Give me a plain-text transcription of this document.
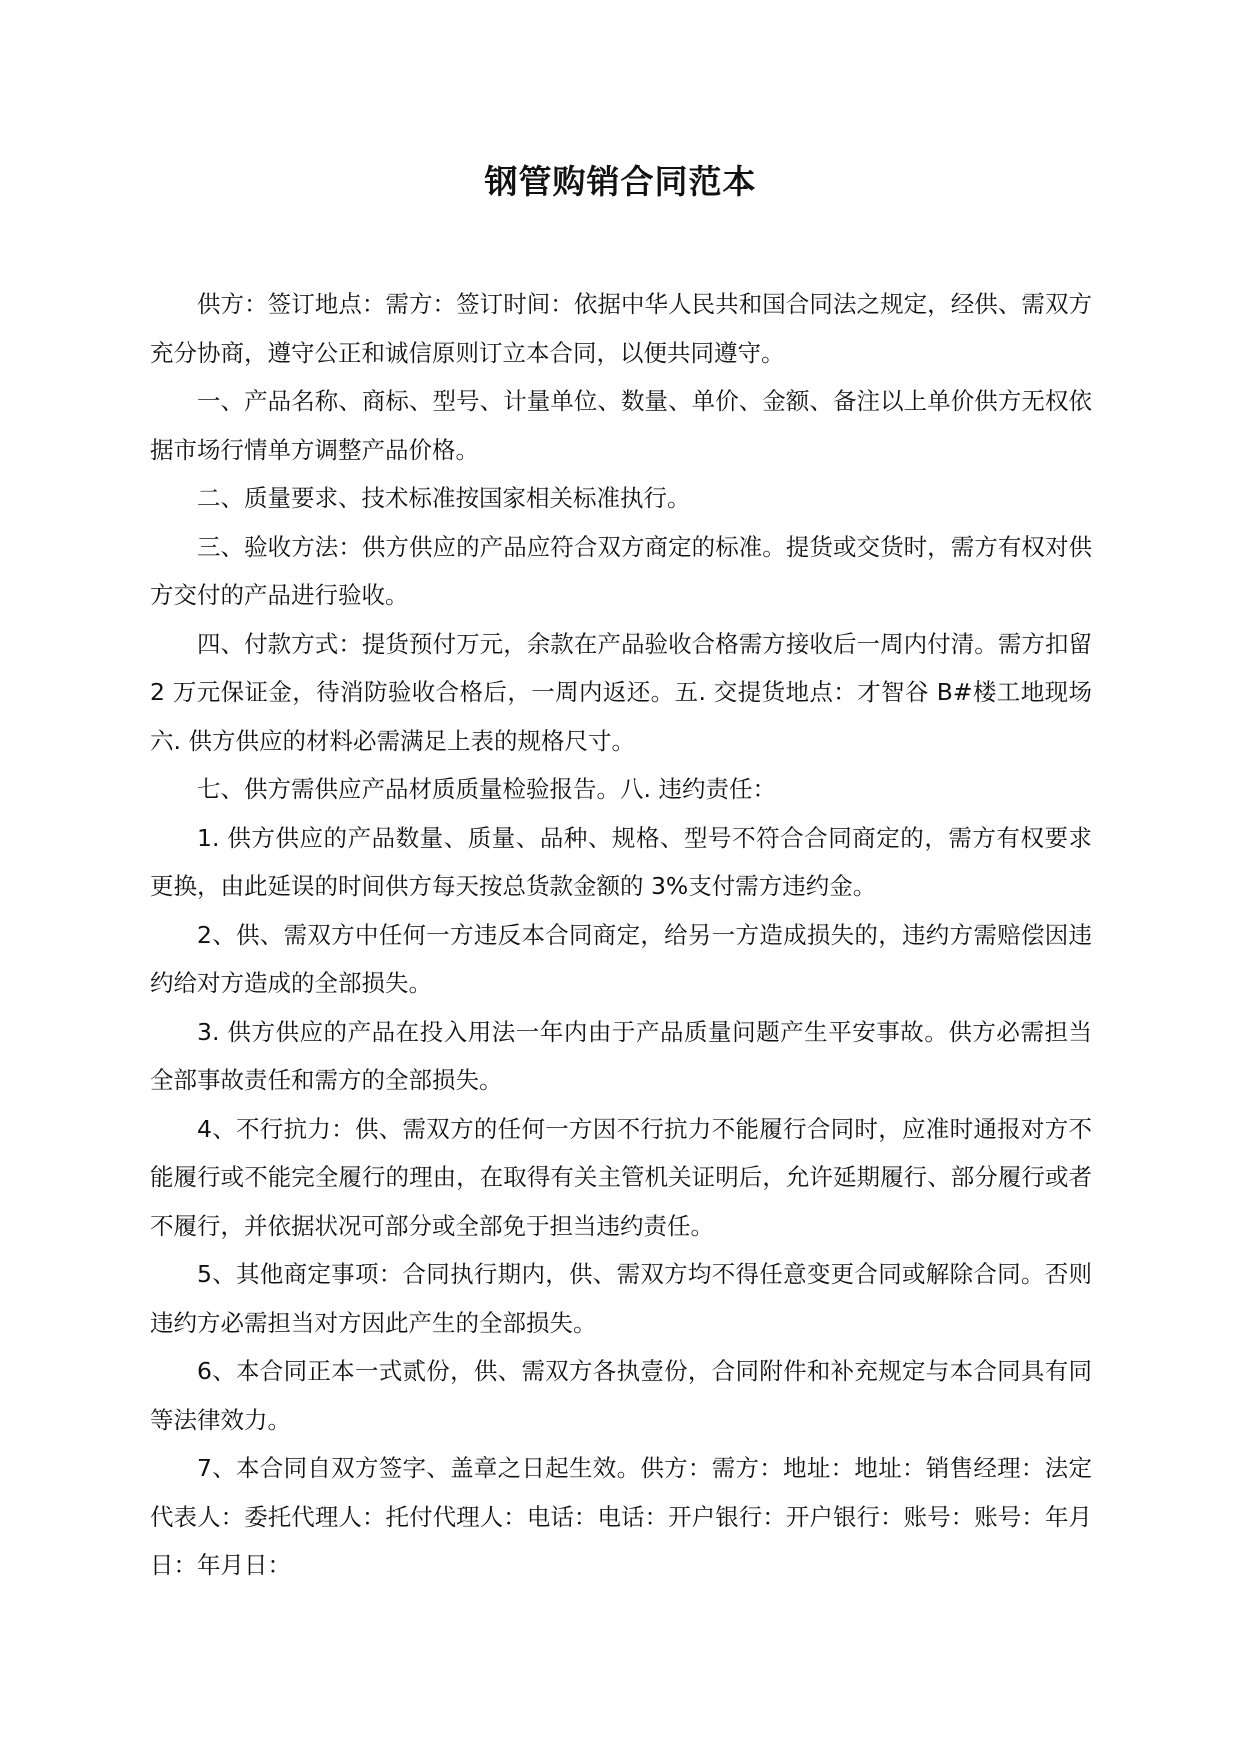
钢管购销合同范本

供方：签订地点：需方：签订时间：依据中华人民共和国合同法之规定，经供、需双方充分协商，遵守公正和诚信原则订立本合同，以便共同遵守。

一、产品名称、商标、型号、计量单位、数量、单价、金额、备注以上单价供方无权依据市场行情单方调整产品价格。

二、质量要求、技术标准按国家相关标准执行。

三、验收方法：供方供应的产品应符合双方商定的标准。提货或交货时，需方有权对供方交付的产品进行验收。

四、付款方式：提货预付万元，余款在产品验收合格需方接收后一周内付清。需方扣留 2 万元保证金，待消防验收合格后，一周内返还。五. 交提货地点：才智谷 B#楼工地现场六. 供方供应的材料必需满足上表的规格尺寸。

七、供方需供应产品材质质量检验报告。八. 违约责任：

1. 供方供应的产品数量、质量、品种、规格、型号不符合合同商定的，需方有权要求更换，由此延误的时间供方每天按总货款金额的 3%支付需方违约金。

2、供、需双方中任何一方违反本合同商定，给另一方造成损失的，违约方需赔偿因违约给对方造成的全部损失。

3. 供方供应的产品在投入用法一年内由于产品质量问题产生平安事故。供方必需担当全部事故责任和需方的全部损失。

4、不行抗力：供、需双方的任何一方因不行抗力不能履行合同时，应准时通报对方不能履行或不能完全履行的理由，在取得有关主管机关证明后，允许延期履行、部分履行或者不履行，并依据状况可部分或全部免于担当违约责任。

5、其他商定事项：合同执行期内，供、需双方均不得任意变更合同或解除合同。否则违约方必需担当对方因此产生的全部损失。

6、本合同正本一式贰份，供、需双方各执壹份，合同附件和补充规定与本合同具有同等法律效力。

7、本合同自双方签字、盖章之日起生效。供方：需方：地址：地址：销售经理：法定代表人：委托代理人：托付代理人：电话：电话：开户银行：开户银行：账号：账号：年月日：年月日：
